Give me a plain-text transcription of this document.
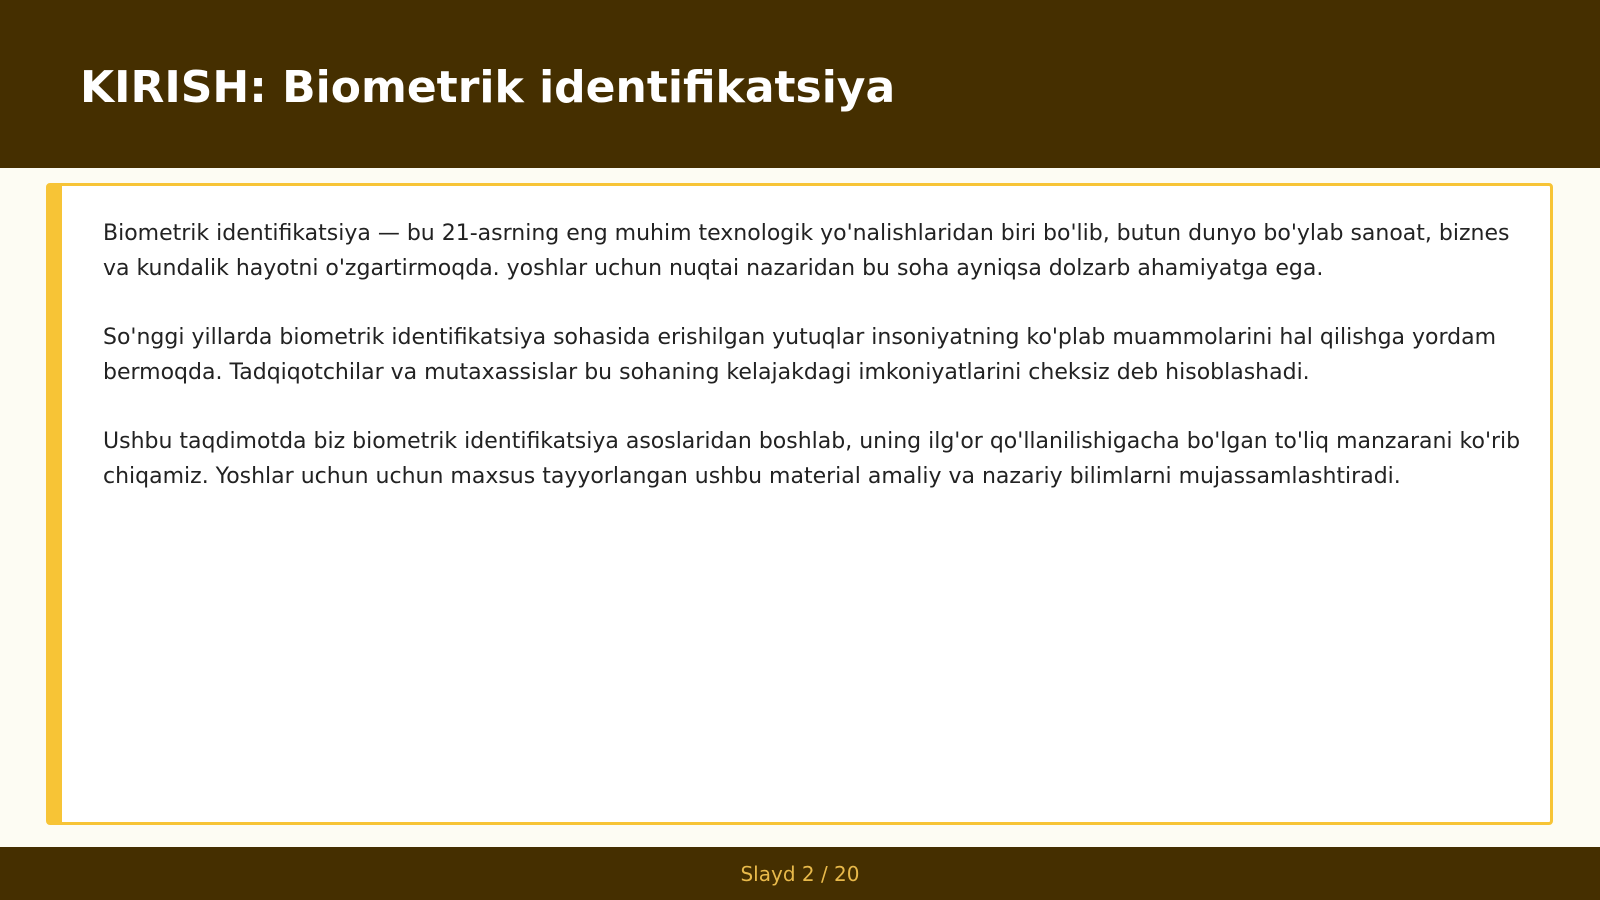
KIRISH: Biometrik identifikatsiya

Biometrik identifikatsiya — bu 21-asrning eng muhim texnologik yo'nalishlaridan biri bo'lib, butun dunyo bo'ylab sanoat, biznes va kundalik hayotni o'zgartirmoqda. yoshlar uchun nuqtai nazaridan bu soha ayniqsa dolzarb ahamiyatga ega.

So'nggi yillarda biometrik identifikatsiya sohasida erishilgan yutuqlar insoniyatning ko'plab muammolarini hal qilishga yordam bermoqda. Tadqiqotchilar va mutaxassislar bu sohaning kelajakdagi imkoniyatlarini cheksiz deb hisoblashadi.

Ushbu taqdimotda biz biometrik identifikatsiya asoslaridan boshlab, uning ilg'or qo'llanilishigacha bo'lgan to'liq manzarani ko'rib chiqamiz. Yoshlar uchun uchun maxsus tayyorlangan ushbu material amaliy va nazariy bilimlarni mujassamlashtiradi.

Slayd 2 / 20
